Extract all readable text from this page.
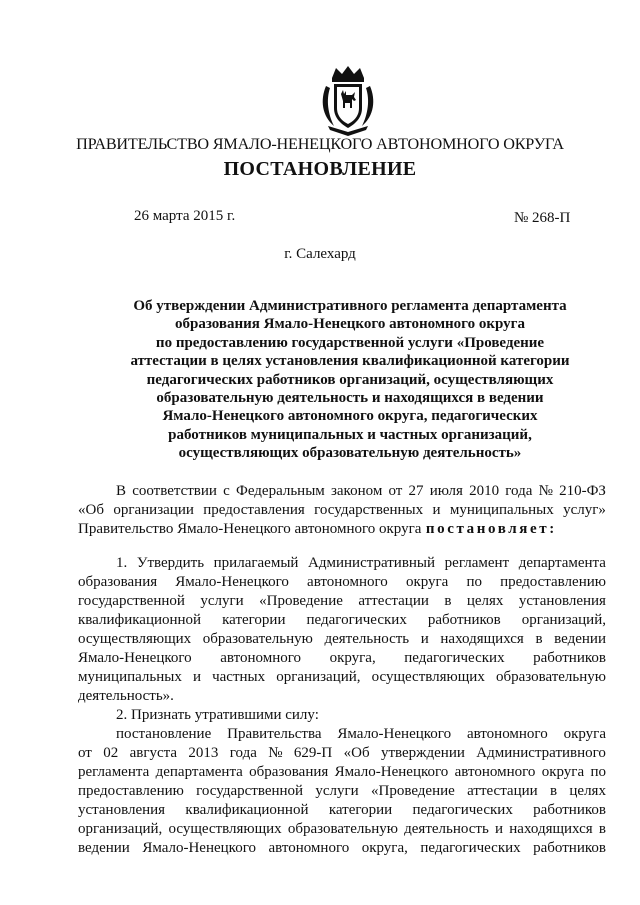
ПРАВИТЕЛЬСТВО ЯМАЛО-НЕНЕЦКОГО АВТОНОМНОГО ОКРУГА
ПОСТАНОВЛЕНИЕ
26 марта 2015 г.	№ 268-П
г. Салехард
Об утверждении Административного регламента департамента
образования Ямало-Ненецкого автономного округа
по предоставлению государственной услуги «Проведение
аттестации в целях установления квалификационной категории
педагогических работников организаций, осуществляющих
образовательную деятельность и находящихся в ведении
Ямало-Ненецкого автономного округа, педагогических
работников муниципальных и частных организаций,
осуществляющих образовательную деятельность»
В соответствии с Федеральным законом от 27 июля 2010 года № 210-ФЗ
«Об организации предоставления государственных и муниципальных услуг»
Правительство Ямало-Ненецкого автономного округа постановляет:
1. Утвердить прилагаемый Административный регламент департамента
образования Ямало-Ненецкого автономного округа по предоставлению
государственной услуги «Проведение аттестации в целях установления
квалификационной категории педагогических работников организаций,
осуществляющих образовательную деятельность и находящихся в ведении
Ямало-Ненецкого автономного округа, педагогических работников
муниципальных и частных организаций, осуществляющих образовательную
деятельность».
2. Признать утратившими силу:
постановление Правительства Ямало-Ненецкого автономного округа
от 02 августа 2013 года № 629-П «Об утверждении Административного
регламента департамента образования Ямало-Ненецкого автономного округа по
предоставлению государственной услуги «Проведение аттестации в целях
установления квалификационной категории педагогических работников
организаций, осуществляющих образовательную деятельность и находящихся в
ведении Ямало-Ненецкого автономного округа, педагогических работников
